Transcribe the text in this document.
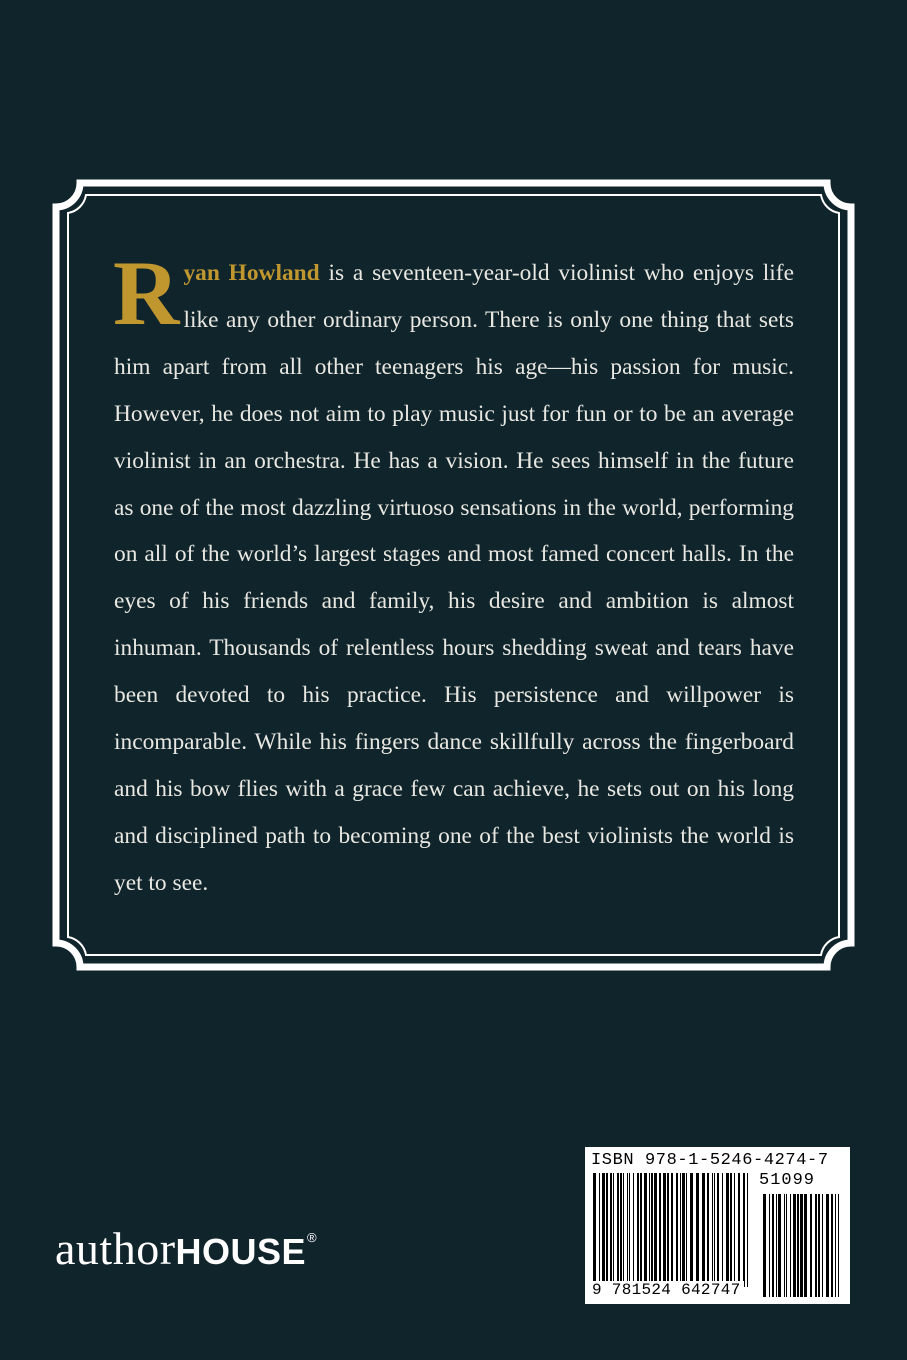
Ryan Howland is a seventeen-year-old violinist who enjoys life like any other ordinary person. There is only one thing that sets him apart from all other teenagers his age—his passion for music. However, he does not aim to play music just for fun or to be an average violinist in an orchestra. He has a vision. He sees himself in the future as one of the most dazzling virtuoso sensations in the world, performing on all of the world’s largest stages and most famed concert halls. In the eyes of his friends and family, his desire and ambition is almost inhuman. Thousands of relentless hours shedding sweat and tears have been devoted to his practice. His persistence and willpower is incomparable. While his fingers dance skillfully across the fingerboard and his bow flies with a grace few can achieve, he sets out on his long and disciplined path to becoming one of the best violinists the world is yet to see.
authorHOUSE®
ISBN 978-1-5246-4274-7
51099
9 781524 642747
